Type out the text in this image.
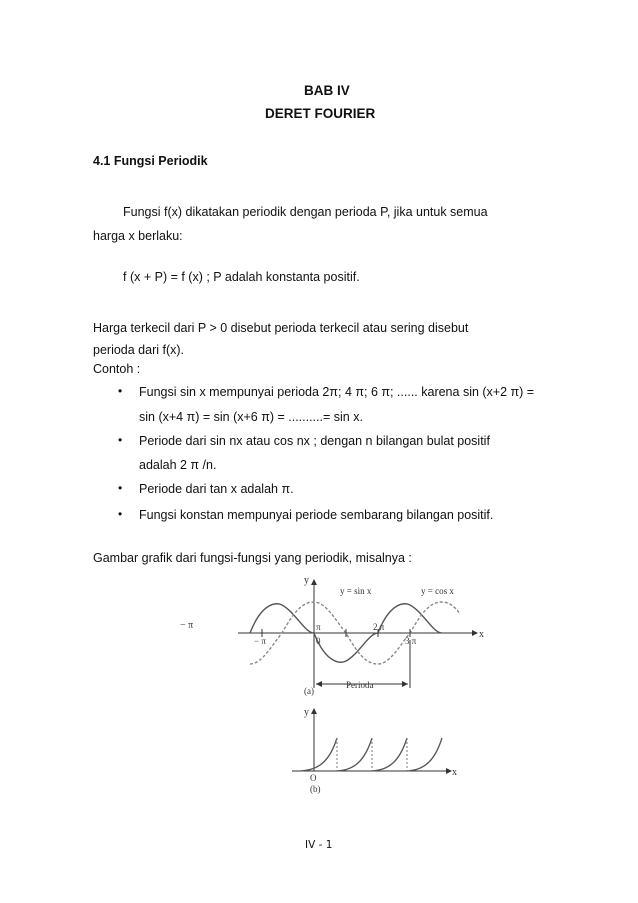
BAB IV
DERET FOURIER
4.1 Fungsi Periodik
Fungsi f(x) dikatakan periodik dengan perioda P, jika untuk semua
harga x berlaku:
f (x + P) = f (x) ; P adalah konstanta positif.
Harga terkecil dari P > 0 disebut perioda terkecil atau sering disebut
perioda dari f(x).
Contoh :
• Fungsi sin x mempunyai perioda 2π; 4 π; 6 π; ...... karena sin (x+2 π) =
sin (x+4 π) = sin (x+6 π) = ..........= sin x.
• Periode dari sin nx atau cos nx ; dengan n bilangan bulat positif
adalah 2 π /n.
• Periode dari tan x adalah π.
• Fungsi konstan mempunyai periode sembarang bilangan positif.
Gambar grafik dari fungsi-fungsi yang periodik, misalnya :
y
x
y = sin x	y = cos x
− π
− π
π
0
2 π
3 π
Perioda
(a)
y
x
O
(b)
IV - 1
